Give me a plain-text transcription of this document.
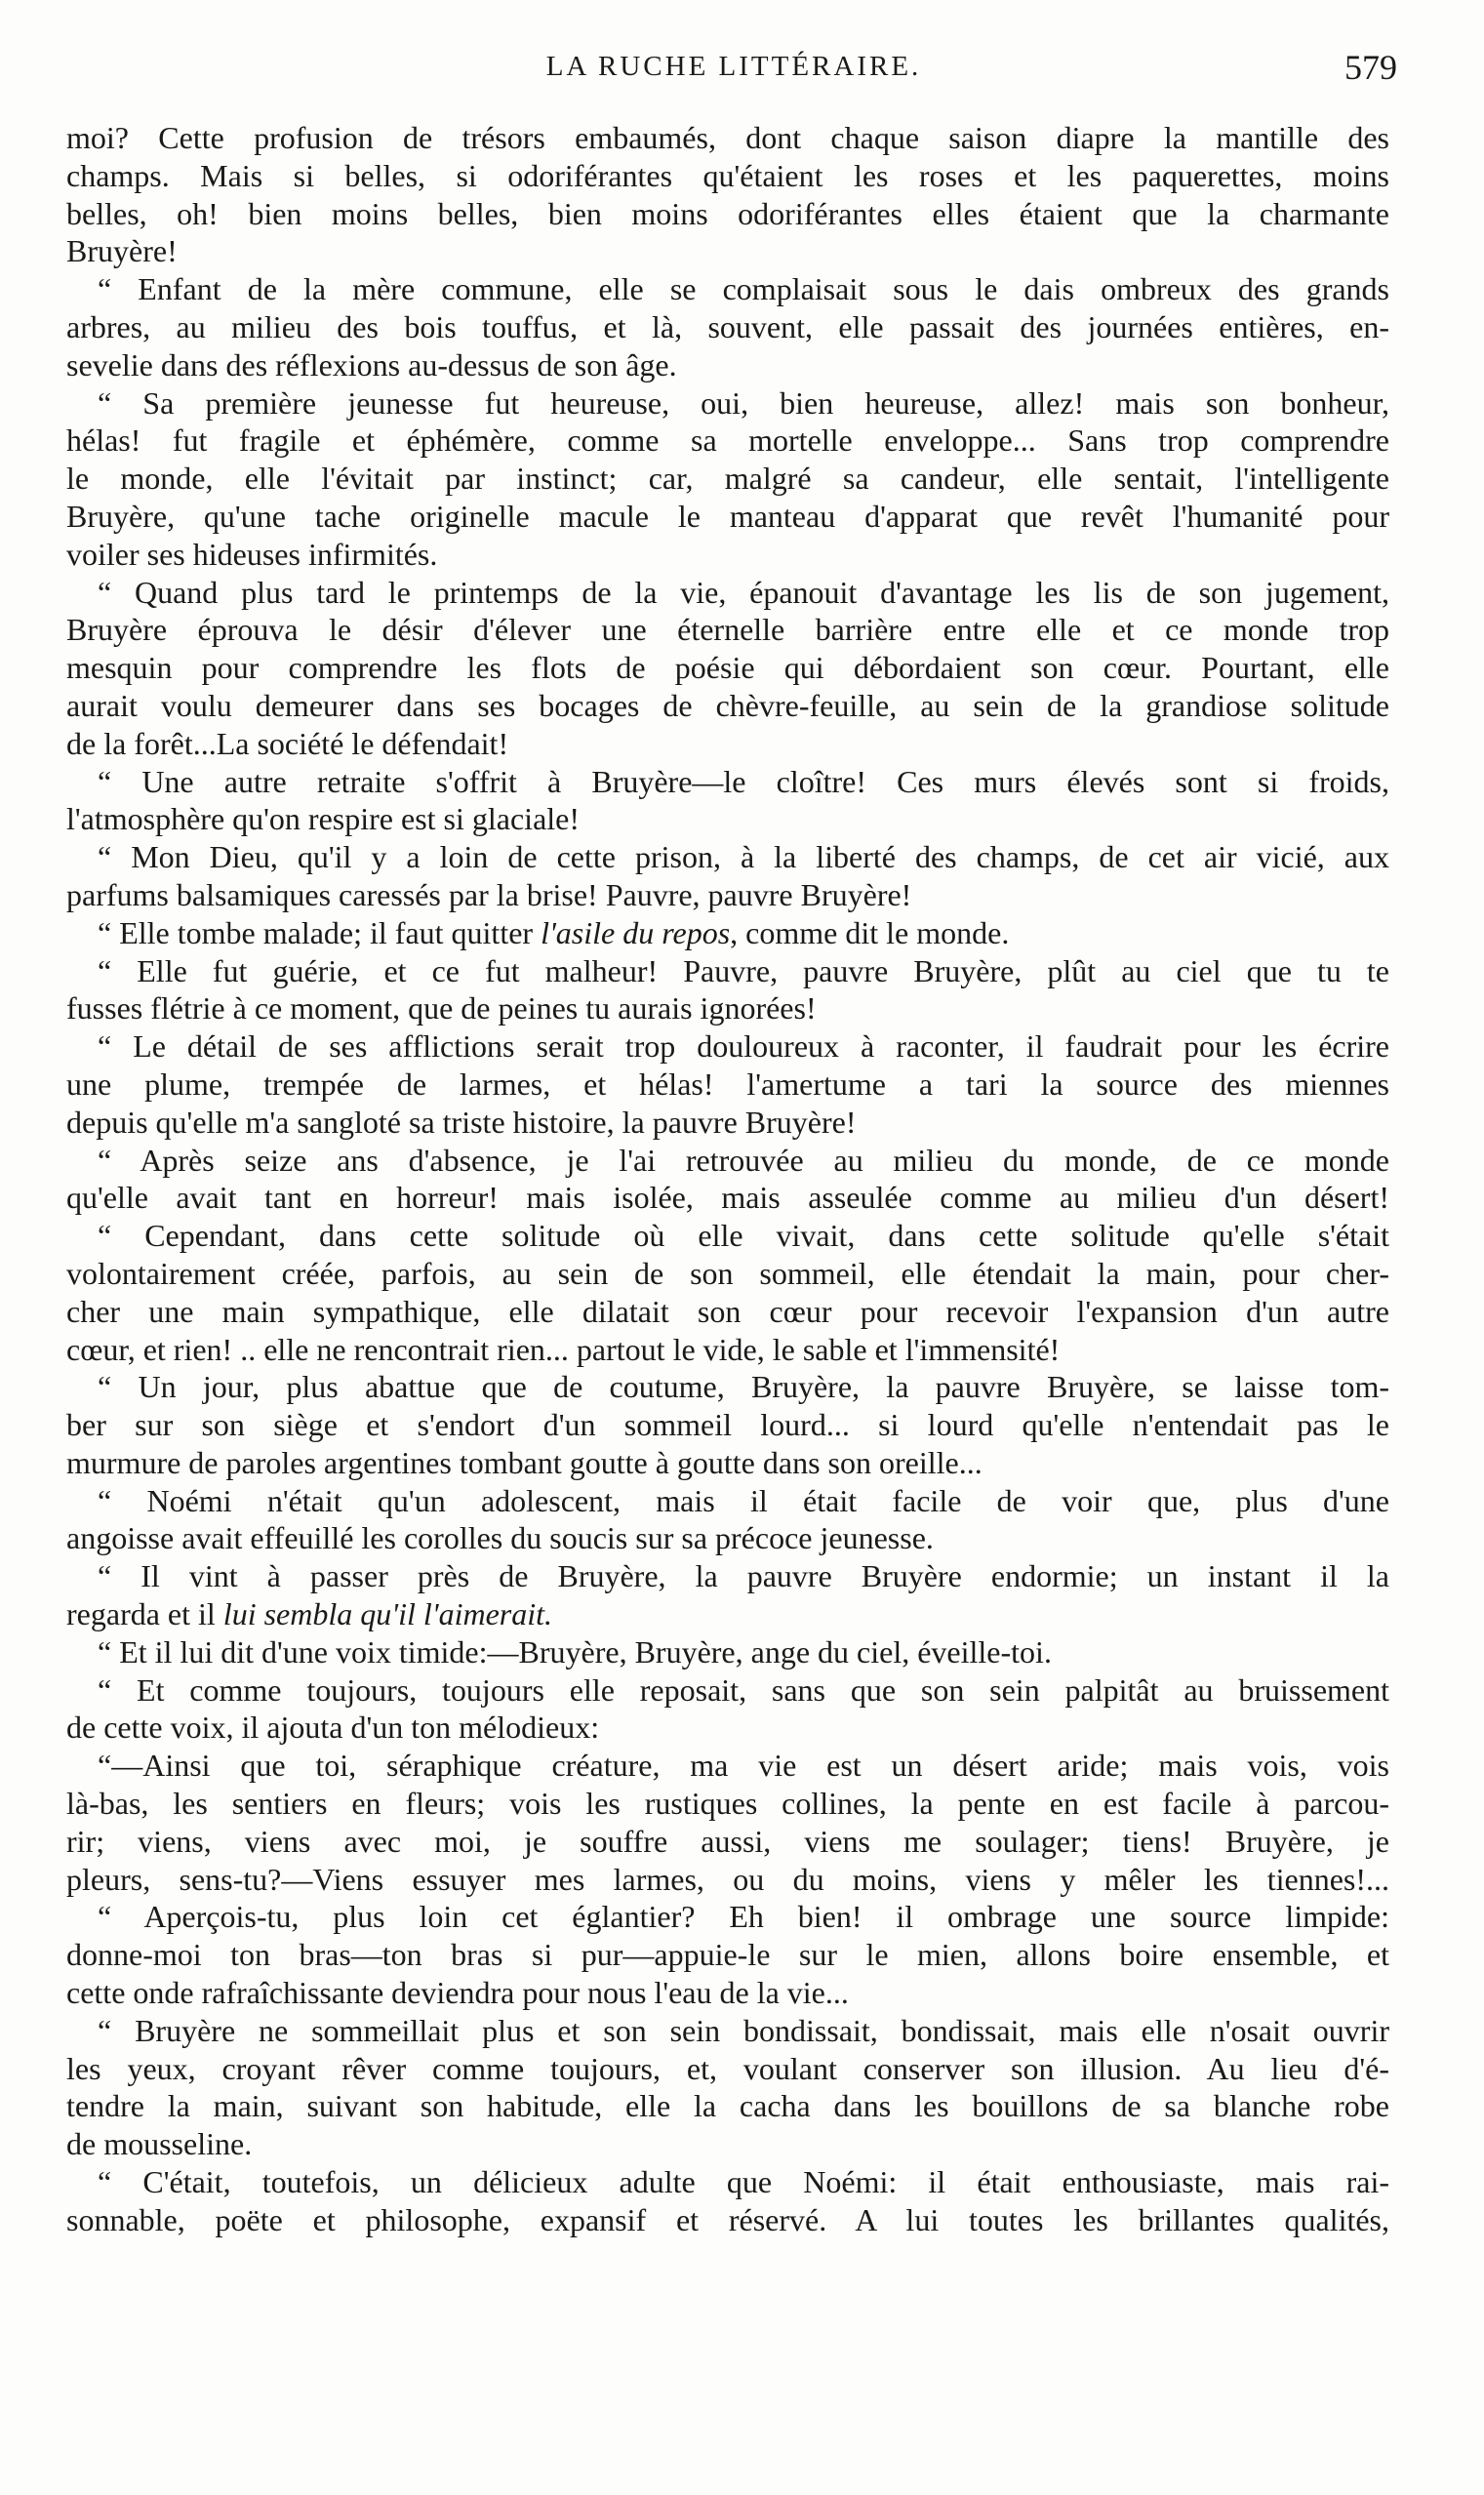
LA RUCHE LITTÉRAIRE.	579
moi? Cette profusion de trésors embaumés, dont chaque saison diapre la mantille des
champs. Mais si belles, si odoriférantes qu'étaient les roses et les paquerettes, moins
belles, oh! bien moins belles, bien moins odoriférantes elles étaient que la charmante
Bruyère!
“ Enfant de la mère commune, elle se complaisait sous le dais ombreux des grands
arbres, au milieu des bois touffus, et là, souvent, elle passait des journées entières, en-
sevelie dans des réflexions au-dessus de son âge.
“ Sa première jeunesse fut heureuse, oui, bien heureuse, allez! mais son bonheur,
hélas! fut fragile et éphémère, comme sa mortelle enveloppe... Sans trop comprendre
le monde, elle l'évitait par instinct; car, malgré sa candeur, elle sentait, l'intelligente
Bruyère, qu'une tache originelle macule le manteau d'apparat que revêt l'humanité pour
voiler ses hideuses infirmités.
“ Quand plus tard le printemps de la vie, épanouit d'avantage les lis de son jugement,
Bruyère éprouva le désir d'élever une éternelle barrière entre elle et ce monde trop
mesquin pour comprendre les flots de poésie qui débordaient son cœur. Pourtant, elle
aurait voulu demeurer dans ses bocages de chèvre-feuille, au sein de la grandiose solitude
de la forêt...La société le défendait!
“ Une autre retraite s'offrit à Bruyère—le cloître! Ces murs élevés sont si froids,
l'atmosphère qu'on respire est si glaciale!
“ Mon Dieu, qu'il y a loin de cette prison, à la liberté des champs, de cet air vicié, aux
parfums balsamiques caressés par la brise! Pauvre, pauvre Bruyère!
“ Elle tombe malade; il faut quitter l'asile du repos, comme dit le monde.
“ Elle fut guérie, et ce fut malheur! Pauvre, pauvre Bruyère, plût au ciel que tu te
fusses flétrie à ce moment, que de peines tu aurais ignorées!
“ Le détail de ses afflictions serait trop douloureux à raconter, il faudrait pour les écrire
une plume, trempée de larmes, et hélas! l'amertume a tari la source des miennes
depuis qu'elle m'a sangloté sa triste histoire, la pauvre Bruyère!
“ Après seize ans d'absence, je l'ai retrouvée au milieu du monde, de ce monde
qu'elle avait tant en horreur! mais isolée, mais asseulée comme au milieu d'un désert!
“ Cependant, dans cette solitude où elle vivait, dans cette solitude qu'elle s'était
volontairement créée, parfois, au sein de son sommeil, elle étendait la main, pour cher-
cher une main sympathique, elle dilatait son cœur pour recevoir l'expansion d'un autre
cœur, et rien! .. elle ne rencontrait rien... partout le vide, le sable et l'immensité!
“ Un jour, plus abattue que de coutume, Bruyère, la pauvre Bruyère, se laisse tom-
ber sur son siège et s'endort d'un sommeil lourd... si lourd qu'elle n'entendait pas le
murmure de paroles argentines tombant goutte à goutte dans son oreille...
“ Noémi n'était qu'un adolescent, mais il était facile de voir que, plus d'une
angoisse avait effeuillé les corolles du soucis sur sa précoce jeunesse.
“ Il vint à passer près de Bruyère, la pauvre Bruyère endormie; un instant il la
regarda et il lui sembla qu'il l'aimerait.
“ Et il lui dit d'une voix timide:—Bruyère, Bruyère, ange du ciel, éveille-toi.
“ Et comme toujours, toujours elle reposait, sans que son sein palpitât au bruissement
de cette voix, il ajouta d'un ton mélodieux:
“—Ainsi que toi, séraphique créature, ma vie est un désert aride; mais vois, vois
là-bas, les sentiers en fleurs; vois les rustiques collines, la pente en est facile à parcou-
rir; viens, viens avec moi, je souffre aussi, viens me soulager; tiens! Bruyère, je
pleurs, sens-tu?—Viens essuyer mes larmes, ou du moins, viens y mêler les tiennes!...
“ Aperçois-tu, plus loin cet églantier? Eh bien! il ombrage une source limpide:
donne-moi ton bras—ton bras si pur—appuie-le sur le mien, allons boire ensemble, et
cette onde rafraîchissante deviendra pour nous l'eau de la vie...
“ Bruyère ne sommeillait plus et son sein bondissait, bondissait, mais elle n'osait ouvrir
les yeux, croyant rêver comme toujours, et, voulant conserver son illusion. Au lieu d'é-
tendre la main, suivant son habitude, elle la cacha dans les bouillons de sa blanche robe
de mousseline.
“ C'était, toutefois, un délicieux adulte que Noémi: il était enthousiaste, mais rai-
sonnable, poëte et philosophe, expansif et réservé. A lui toutes les brillantes qualités,
